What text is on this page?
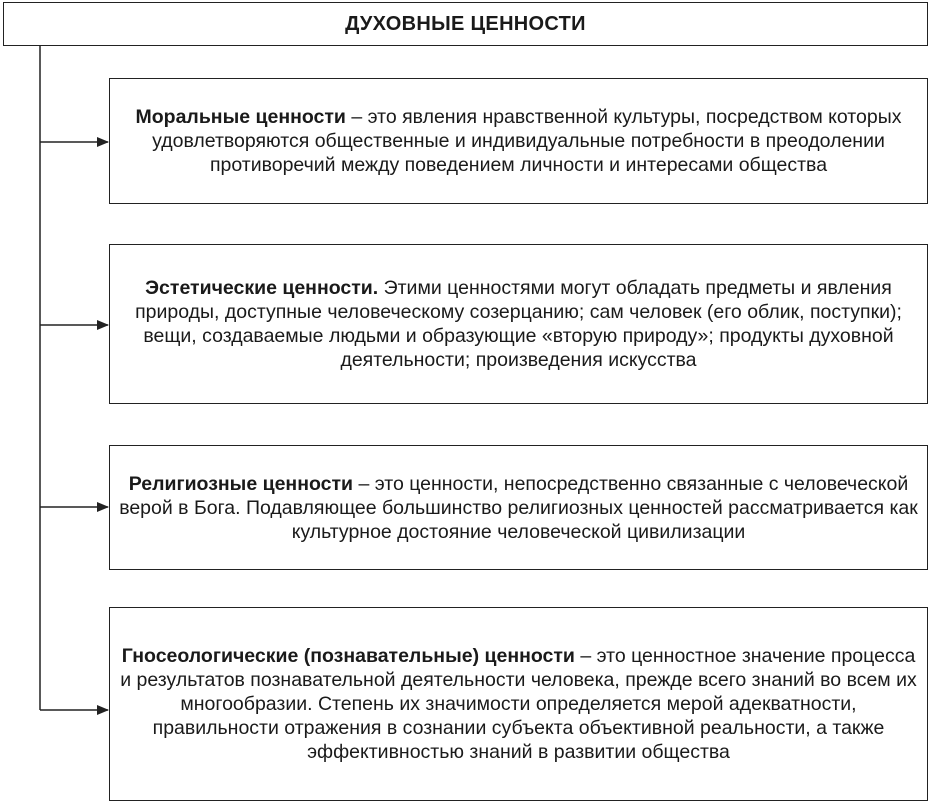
ДУХОВНЫЕ ЦЕННОСТИ
Моральные ценности – это явления нравственной культуры, посредством которых удовлетворяются общественные и индивидуальные потребности в преодолении противоречий между поведением личности и интересами общества
Эстетические ценности. Этими ценностями могут обладать предметы и явления природы, доступные человеческому созерцанию; сам человек (его облик, поступки); вещи, создаваемые людьми и образующие «вторую природу»; продукты духовной деятельности; произведения искусства
Религиозные ценности – это ценности, непосредственно связанные с человеческой верой в Бога. Подавляющее большинство религиозных ценностей рассматривается как культурное достояние человеческой цивилизации
Гносеологические (познавательные) ценности – это ценностное значение процесса и результатов познавательной деятельности человека, прежде всего знаний во всем их многообразии. Степень их значимости определяется мерой адекватности, правильности отражения в сознании субъекта объективной реальности, а также эффективностью знаний в развитии общества
